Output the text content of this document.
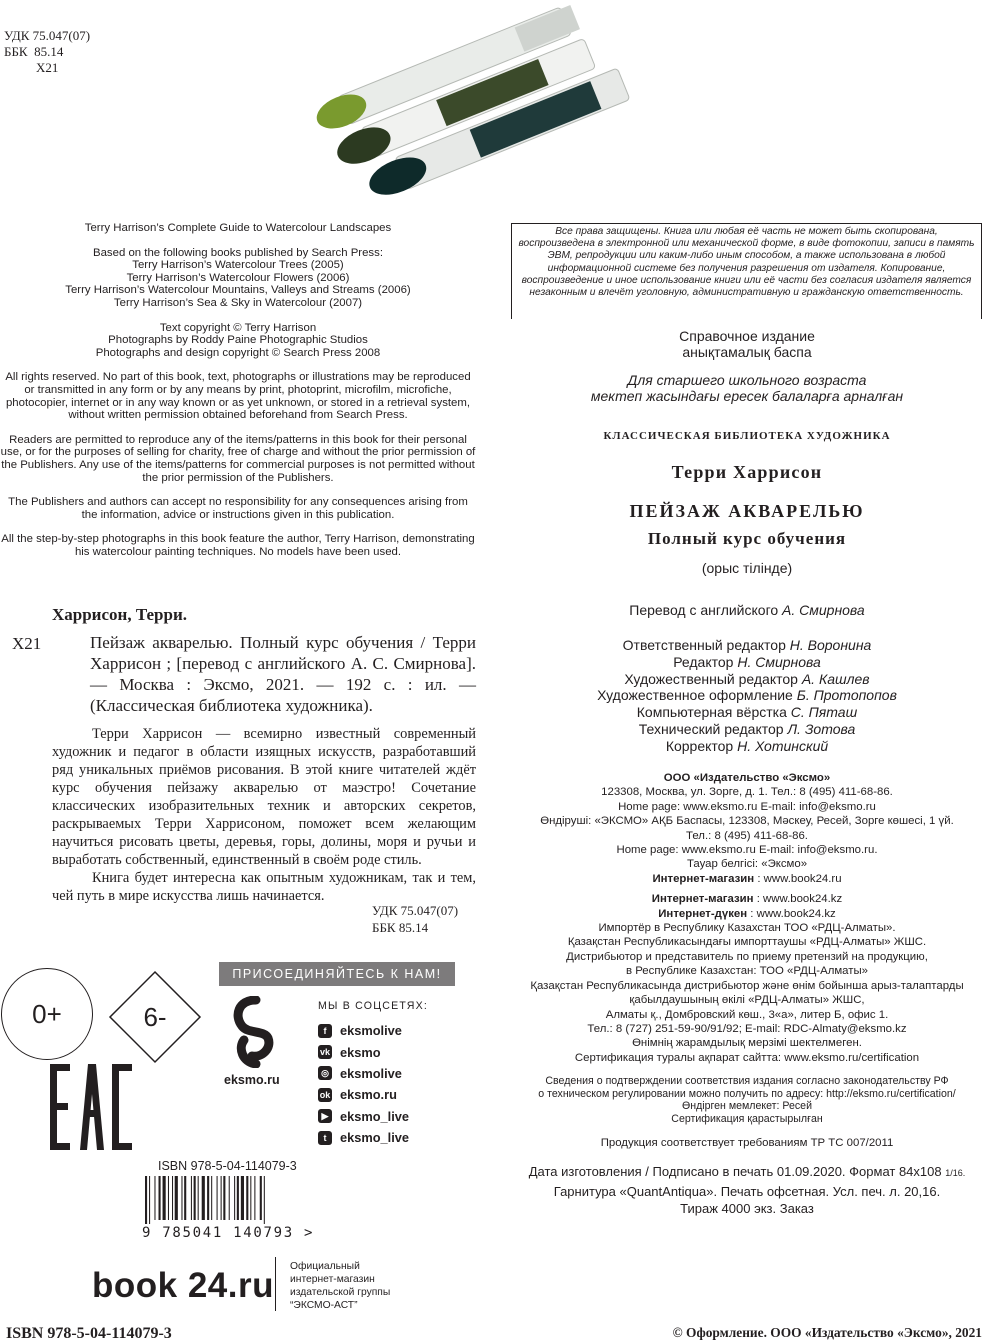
УДК 75.047(07)
ББК  85.14
Х21

Terry Harrison’s Complete Guide to Watercolour Landscapes

Based on the following books published by Search Press:
Terry Harrison’s Watercolour Trees (2005)
Terry Harrison’s Watercolour Flowers (2006)
Terry Harrison’s Watercolour Mountains, Valleys and Streams (2006)
Terry Harrison’s Sea & Sky in Watercolour (2007)

Text copyright © Terry Harrison
Photographs by Roddy Paine Photographic Studios
Photographs and design copyright © Search Press 2008

All rights reserved. No part of this book, text, photographs or illustrations may be reproduced or transmitted in any form or by any means by print, photoprint, microfilm, microfiche, photocopier, internet or in any way known or as yet unknown, or stored in a retrieval system, without written permission obtained beforehand from Search Press.

Readers are permitted to reproduce any of the items/patterns in this book for their personal use, or for the purposes of selling for charity, free of charge and without the prior permission of the Publishers. Any use of the items/patterns for commercial purposes is not permitted without the prior permission of the Publishers.

The Publishers and authors can accept no responsibility for any consequences arising from the information, advice or instructions given in this publication.

All the step-by-step photographs in this book feature the author, Terry Harrison, demonstrating his watercolour painting techniques. No models have been used.

Все права защищены. Книга или любая её часть не может быть скопирована, воспроизведена в электронной или механической форме, в виде фотокопии, записи в память ЭВМ, репродукции или каким-либо иным способом, а также использована в любой информационной системе без получения разрешения от издателя. Копирование, воспроизведение и иное использование книги или её части без согласия издателя является незаконным и влечёт уголовную, административную и гражданскую ответственность.
Справочное издание
анықтамалық баспа
Для старшего школьного возраста
мектеп жасындағы ересек балаларға арналған
КЛАССИЧЕСКАЯ БИБЛИОТЕКА ХУДОЖНИКА
Терри Харрисон
ПЕЙЗАЖ АКВАРЕЛЬЮ
Полный курс обучения
(орыс тілінде)
Перевод с английского А. Смирнова
Ответственный редактор Н. Воронина
Редактор Н. Смирнова
Художественный редактор А. Кашлев
Художественное оформление Б. Протопопов
Компьютерная вёрстка С. Пяташ
Технический редактор Л. Зотова
Корректор Н. Хотинский
ООО «Издательство «Эксмо»
123308, Москва, ул. Зорге, д. 1. Тел.: 8 (495) 411-68-86.
Home page: www.eksmo.ru E-mail: info@eksmo.ru
Өндіруші: «ЭКСМО» АҚБ Баспасы, 123308, Мәскеу, Ресей, Зорге көшесі, 1 үй.
Тел.: 8 (495) 411-68-86.
Home page: www.eksmo.ru E-mail: info@eksmo.ru.
Тауар белгісі: «Эксмо»
Интернет-магазин : www.book24.ru
Интернет-магазин : www.book24.kz
Интернет-дүкен : www.book24.kz
Импортёр в Республику Казахстан ТОО «РДЦ-Алматы».
Қазақстан Республикасындағы импорттаушы «РДЦ-Алматы» ЖШС.
Дистрибьютор и представитель по приему претензий на продукцию,
в Республике Казахстан: ТОО «РДЦ-Алматы»
Қазақстан Республикасында дистрибьютор және өнім бойынша арыз-талаптарды
қабылдаушының өкілі «РДЦ-Алматы» ЖШС,
Алматы қ., Домбровский көш., 3«а», литер Б, офис 1.
Тел.: 8 (727) 251-59-90/91/92; E-mail: RDC-Almaty@eksmo.kz
Өнімнің жарамдылық мерзімі шектелмеген.
Сертификация туралы ақпарат сайтта: www.eksmo.ru/certification
Сведения о подтверждении соответствия издания согласно законодательству РФ
о техническом регулировании можно получить по адресу: http://eksmo.ru/certification/
Өндірген мемлекет: Ресей
Сертификация қарастырылған
Продукция соответствует требованиям ТР ТС 007/2011
Дата изготовления / Подписано в печать 01.09.2020. Формат 84x108 1/16.
Гарнитура «QuantAntiqua». Печать офсетная. Усл. печ. л. 20,16.
Тираж 4000 экз. Заказ
Харрисон, Терри.
Х21	Пейзаж акварелью. Полный курс обучения / Терри Харрисон ; [перевод с английского А. С. Смирнова]. — Москва : Эксмо, 2021. — 192 с. : ил. — (Классическая библиотека художника).

Терри Харрисон — всемирно известный современный художник и педагог в области изящных искусств, разработавший ряд уникальных приёмов рисования. В этой книге читателей ждёт курс обучения пейзажу акварелью от маэстро! Сочетание классических изобразительных техник и авторских секретов, раскрываемых Терри Харрисоном, поможет всем желающим научиться рисовать цветы, деревья, горы, долины, моря и ручьи и выработать собственный, единственный в своём роде стиль.

Книга будет интересна как опытным художникам, так и тем, чей путь в мире искусства лишь начинается.

УДК 75.047(07)
ББК 85.14
0+	6-
EAC
ПРИСОЕДИНЯЙТЕСЬ К НАМ!
eksmo.ru
МЫ В СОЦСЕТЯХ:
f	eksmolive
vk eksmo
◎ eksmolive
ok eksmo.ru
▶ eksmo_live
t	eksmo_live
ISBN 978-5-04-114079-3
9 785041 140793 >
book 24.ru Официальный
интернет-магазин
издательской группы
“ЭКСМО-АСТ”
ISBN 978-5-04-114079-3	© Оформление. ООО «Издательство «Эксмо», 2021
